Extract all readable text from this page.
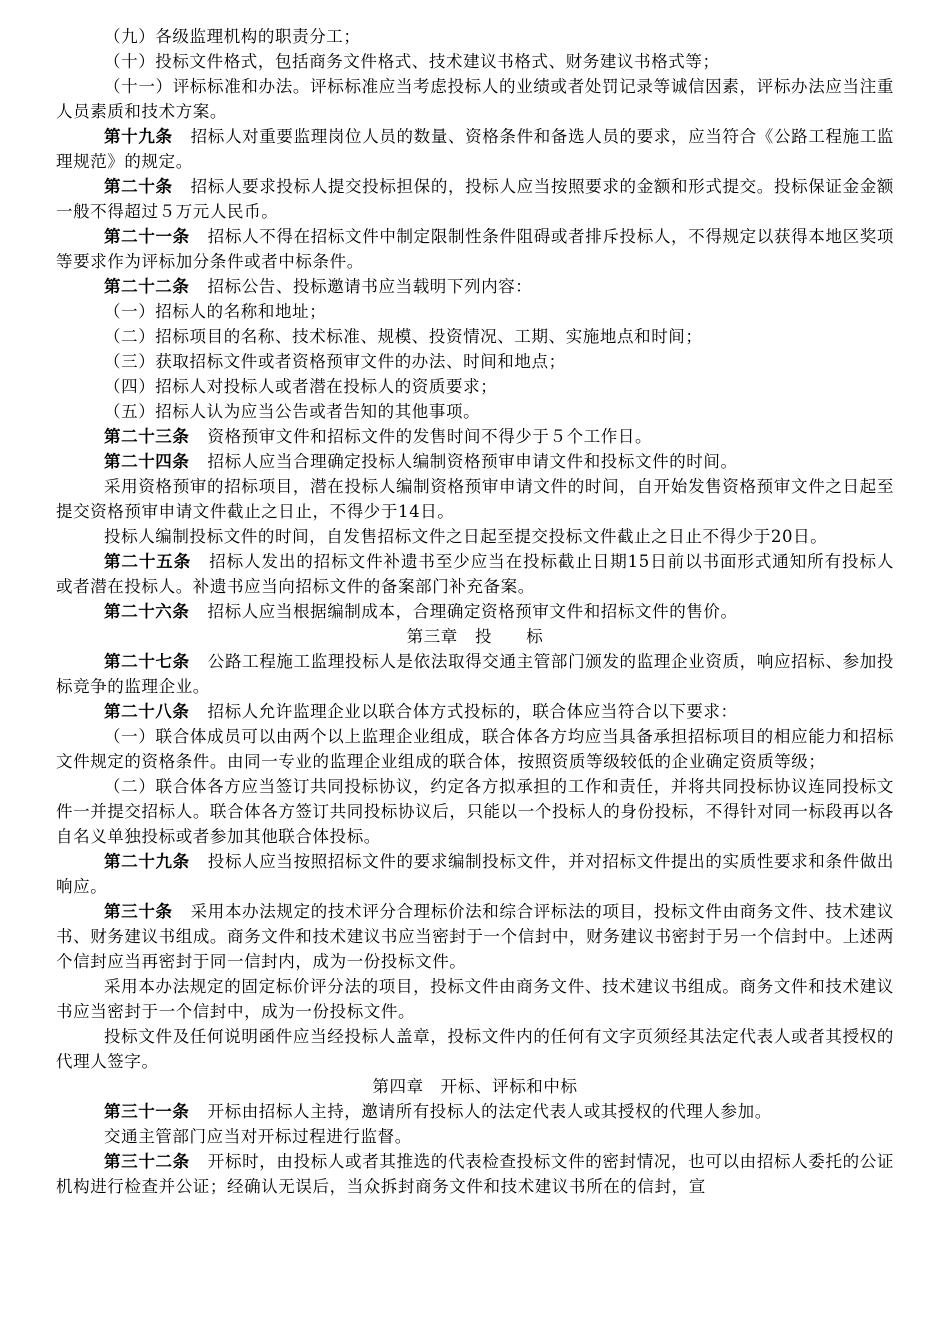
（九）各级监理机构的职责分工；

（十）投标文件格式，包括商务文件格式、技术建议书格式、财务建议书格式等；

（十一）评标标准和办法。评标标准应当考虑投标人的业绩或者处罚记录等诚信因素，评标办法应当注重人员素质和技术方案。

第十九条 招标人对重要监理岗位人员的数量、资格条件和备选人员的要求，应当符合《公路工程施工监理规范》的规定。

第二十条 招标人要求投标人提交投标担保的，投标人应当按照要求的金额和形式提交。投标保证金金额一般不得超过５万元人民币。

第二十一条 招标人不得在招标文件中制定限制性条件阻碍或者排斥投标人，不得规定以获得本地区奖项等要求作为评标加分条件或者中标条件。

第二十二条 招标公告、投标邀请书应当载明下列内容：

（一）招标人的名称和地址；

（二）招标项目的名称、技术标准、规模、投资情况、工期、实施地点和时间；

（三）获取招标文件或者资格预审文件的办法、时间和地点；

（四）招标人对投标人或者潜在投标人的资质要求；

（五）招标人认为应当公告或者告知的其他事项。

第二十三条 资格预审文件和招标文件的发售时间不得少于５个工作日。

第二十四条 招标人应当合理确定投标人编制资格预审申请文件和投标文件的时间。

采用资格预审的招标项目，潜在投标人编制资格预审申请文件的时间，自开始发售资格预审文件之日起至提交资格预审申请文件截止之日止，不得少于14日。

投标人编制投标文件的时间，自发售招标文件之日起至提交投标文件截止之日止不得少于20日。

第二十五条 招标人发出的招标文件补遗书至少应当在投标截止日期15日前以书面形式通知所有投标人或者潜在投标人。补遗书应当向招标文件的备案部门补充备案。

第二十六条 招标人应当根据编制成本，合理确定资格预审文件和招标文件的售价。

第三章　投　　标

第二十七条 公路工程施工监理投标人是依法取得交通主管部门颁发的监理企业资质，响应招标、参加投标竞争的监理企业。

第二十八条 招标人允许监理企业以联合体方式投标的，联合体应当符合以下要求：

（一）联合体成员可以由两个以上监理企业组成，联合体各方均应当具备承担招标项目的相应能力和招标文件规定的资格条件。由同一专业的监理企业组成的联合体，按照资质等级较低的企业确定资质等级；

（二）联合体各方应当签订共同投标协议，约定各方拟承担的工作和责任，并将共同投标协议连同投标文件一并提交招标人。联合体各方签订共同投标协议后，只能以一个投标人的身份投标，不得针对同一标段再以各自名义单独投标或者参加其他联合体投标。

第二十九条 投标人应当按照招标文件的要求编制投标文件，并对招标文件提出的实质性要求和条件做出响应。

第三十条 采用本办法规定的技术评分合理标价法和综合评标法的项目，投标文件由商务文件、技术建议书、财务建议书组成。商务文件和技术建议书应当密封于一个信封中，财务建议书密封于另一个信封中。上述两个信封应当再密封于同一信封内，成为一份投标文件。

采用本办法规定的固定标价评分法的项目，投标文件由商务文件、技术建议书组成。商务文件和技术建议书应当密封于一个信封中，成为一份投标文件。

投标文件及任何说明函件应当经投标人盖章，投标文件内的任何有文字页须经其法定代表人或者其授权的代理人签字。

第四章　开标、评标和中标

第三十一条 开标由招标人主持，邀请所有投标人的法定代表人或其授权的代理人参加。

交通主管部门应当对开标过程进行监督。

第三十二条 开标时，由投标人或者其推选的代表检查投标文件的密封情况，也可以由招标人委托的公证机构进行检查并公证；经确认无误后，当众拆封商务文件和技术建议书所在的信封，宣
